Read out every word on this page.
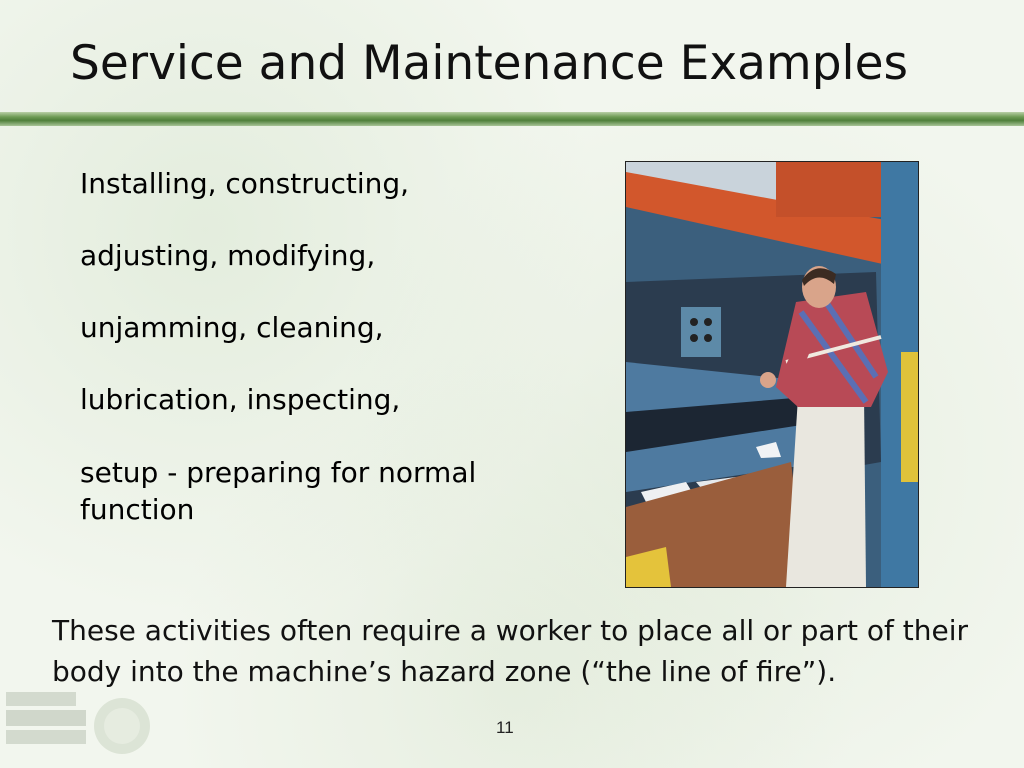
Service and Maintenance Examples
Installing, constructing,
adjusting, modifying,
unjamming, cleaning,
lubrication, inspecting,
setup - preparing for normal function
These activities often require a worker to place all or part of their body into the machine’s hazard zone (“the line of fire”).
11
